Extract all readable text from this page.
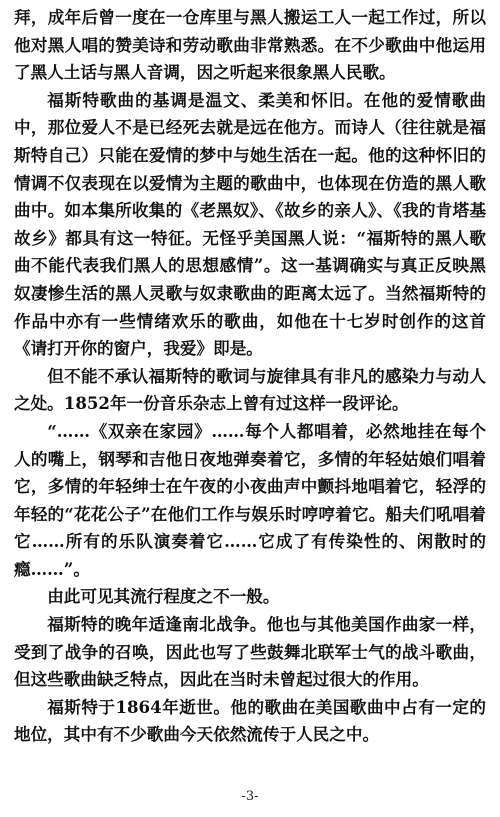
拜，成年后曾一度在一仓库里与黑人搬运工人一起工作过，所以他对黑人唱的赞美诗和劳动歌曲非常熟悉。在不少歌曲中他运用了黑人土话与黑人音调，因之听起来很象黑人民歌。

福斯特歌曲的基调是温文、柔美和怀旧。在他的爱情歌曲中，那位爱人不是已经死去就是远在他方。而诗人（往往就是福斯特自己）只能在爱情的梦中与她生活在一起。他的这种怀旧的情调不仅表现在以爱情为主题的歌曲中，也体现在仿造的黑人歌曲中。如本集所收集的《老黑奴》、《故乡的亲人》、《我的肯塔基故乡》都具有这一特征。无怪乎美国黑人说：“福斯特的黑人歌曲不能代表我们黑人的思想感情”。这一基调确实与真正反映黑奴凄惨生活的黑人灵歌与奴隶歌曲的距离太远了。当然福斯特的作品中亦有一些情绪欢乐的歌曲，如他在十七岁时创作的这首《请打开你的窗户，我爱》即是。

但不能不承认福斯特的歌词与旋律具有非凡的感染力与动人之处。1852年一份音乐杂志上曾有过这样一段评论。

“……《双亲在家园》……每个人都唱着，必然地挂在每个人的嘴上，钢琴和吉他日夜地弹奏着它，多情的年轻姑娘们唱着它，多情的年轻绅士在午夜的小夜曲声中颤抖地唱着它，轻浮的年轻的“花花公子”在他们工作与娱乐时哼哼着它。船夫们吼唱着它……所有的乐队演奏着它……它成了有传染性的、闲散时的瘾……”。

由此可见其流行程度之不一般。

福斯特的晚年适逢南北战争。他也与其他美国作曲家一样，受到了战争的召唤，因此也写了些鼓舞北联军士气的战斗歌曲，但这些歌曲缺乏特点，因此在当时未曾起过很大的作用。

福斯特于1864年逝世。他的歌曲在美国歌曲中占有一定的地位，其中有不少歌曲今天依然流传于人民之中。

-3-
